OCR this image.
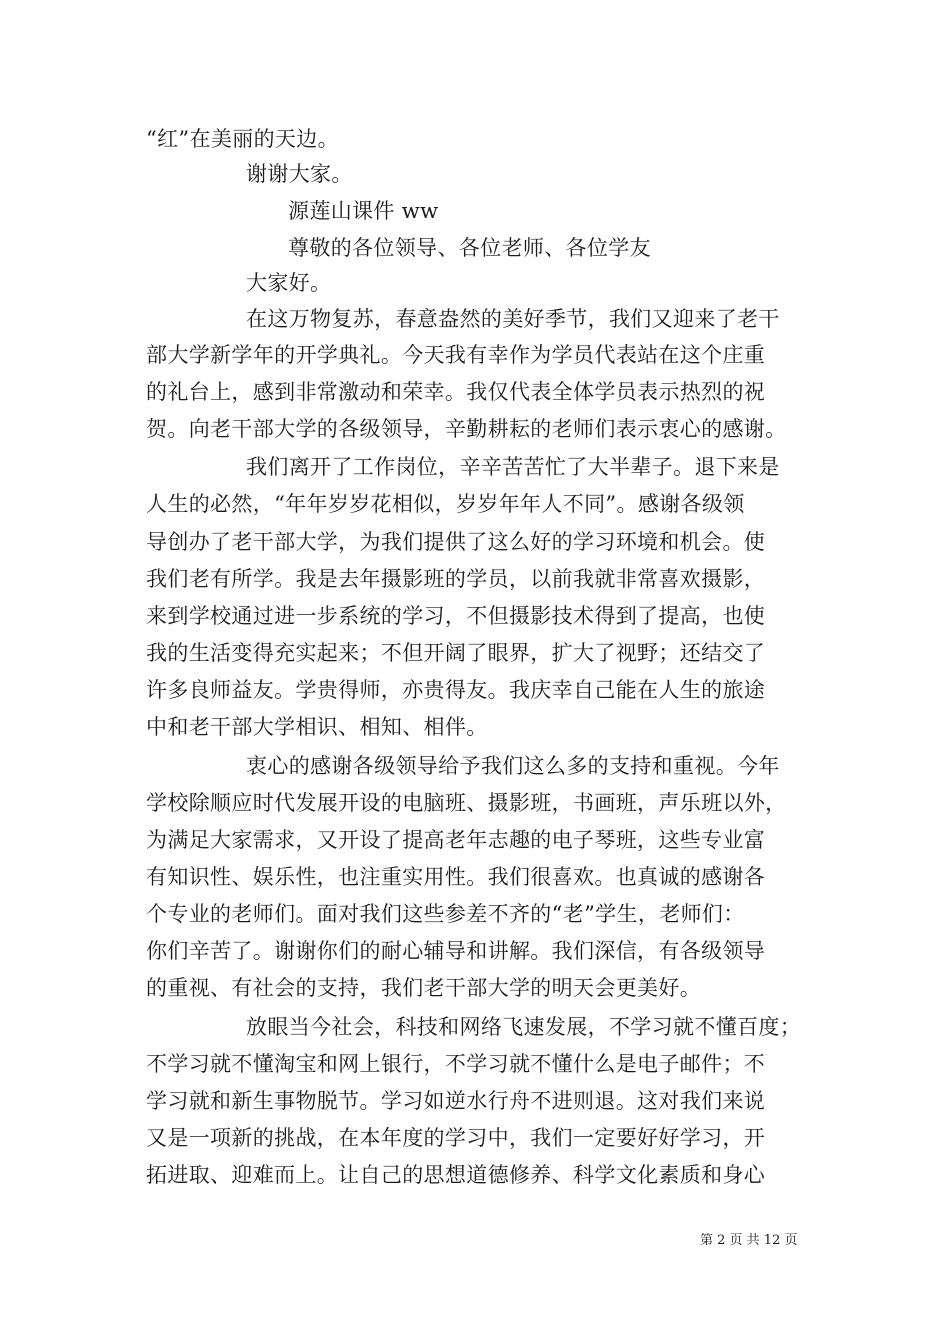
“红”在美丽的天边。
谢谢大家。
源莲山课件 ww
尊敬的各位领导、各位老师、各位学友
大家好。
在这万物复苏，春意盎然的美好季节，我们又迎来了老干
部大学新学年的开学典礼。今天我有幸作为学员代表站在这个庄重
的礼台上，感到非常激动和荣幸。我仅代表全体学员表示热烈的祝
贺。向老干部大学的各级领导，辛勤耕耘的老师们表示衷心的感谢。
我们离开了工作岗位，辛辛苦苦忙了大半辈子。退下来是
人生的必然，“年年岁岁花相似，岁岁年年人不同”。感谢各级领
导创办了老干部大学，为我们提供了这么好的学习环境和机会。使
我们老有所学。我是去年摄影班的学员，以前我就非常喜欢摄影，
来到学校通过进一步系统的学习，不但摄影技术得到了提高，也使
我的生活变得充实起来；不但开阔了眼界，扩大了视野；还结交了
许多良师益友。学贵得师，亦贵得友。我庆幸自己能在人生的旅途
中和老干部大学相识、相知、相伴。
衷心的感谢各级领导给予我们这么多的支持和重视。今年
学校除顺应时代发展开设的电脑班、摄影班，书画班，声乐班以外，
为满足大家需求，又开设了提高老年志趣的电子琴班，这些专业富
有知识性、娱乐性，也注重实用性。我们很喜欢。也真诚的感谢各
个专业的老师们。面对我们这些参差不齐的“老”学生，老师们：
你们辛苦了。谢谢你们的耐心辅导和讲解。我们深信，有各级领导
的重视、有社会的支持，我们老干部大学的明天会更美好。
放眼当今社会，科技和网络飞速发展，不学习就不懂百度；
不学习就不懂淘宝和网上银行，不学习就不懂什么是电子邮件；不
学习就和新生事物脱节。学习如逆水行舟不进则退。这对我们来说
又是一项新的挑战，在本年度的学习中，我们一定要好好学习，开
拓进取、迎难而上。让自己的思想道德修养、科学文化素质和身心
第 2 页 共 12 页
